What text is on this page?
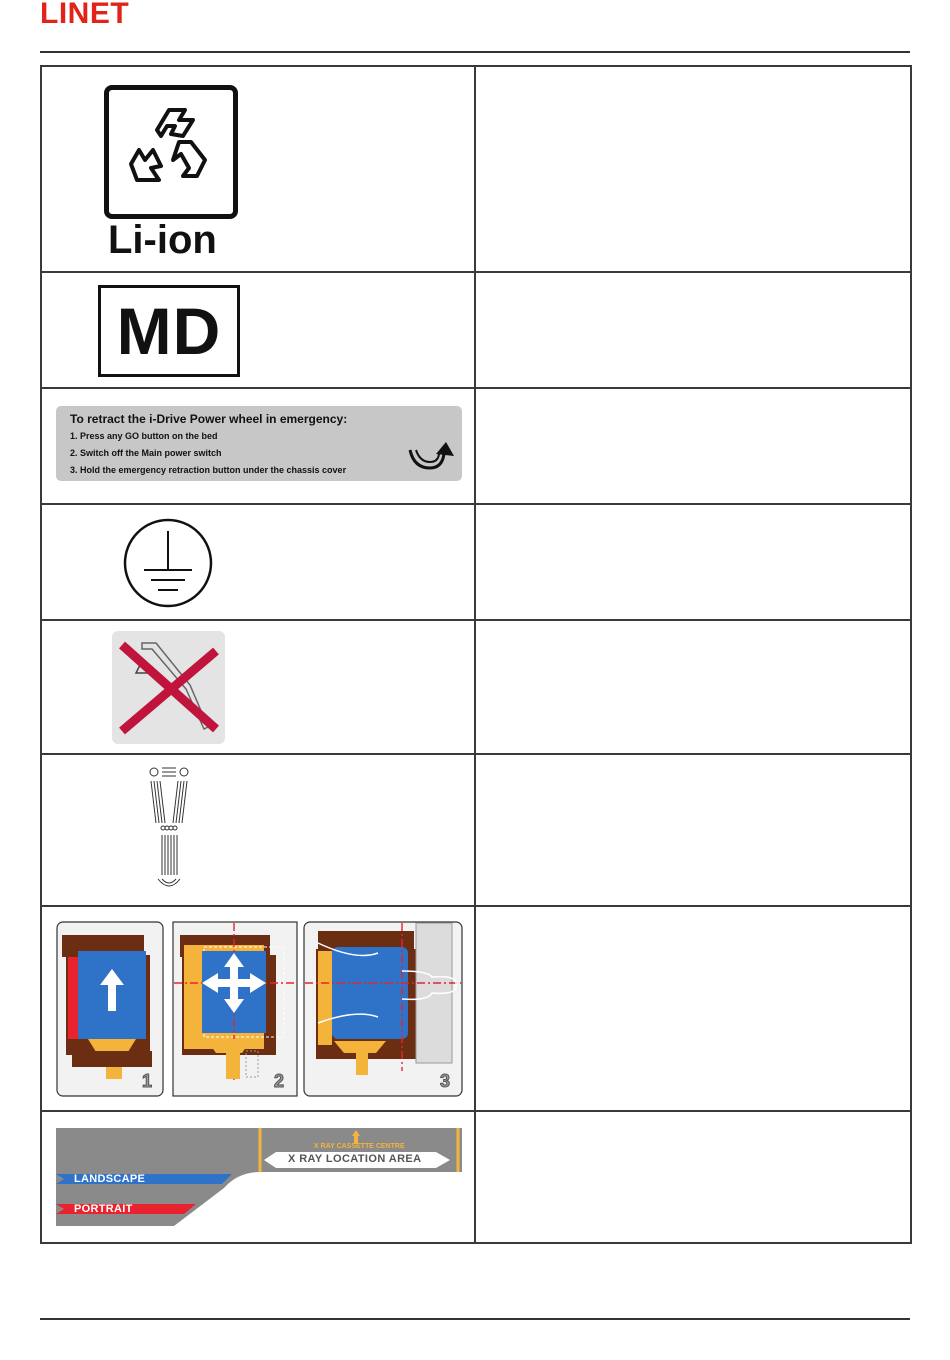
LINET
Li-ion	

MD	

To retract the i-Drive Power wheel in emergency:
1. Press any GO button on the bed
2. Switch off the Main power switch
3. Hold the emergency retraction button under the chassis cover	

1 2 3	

X RAY CASSETTE CENTRE
X RAY LOCATION AREA
LANDSCAPE
PORTRAIT	
